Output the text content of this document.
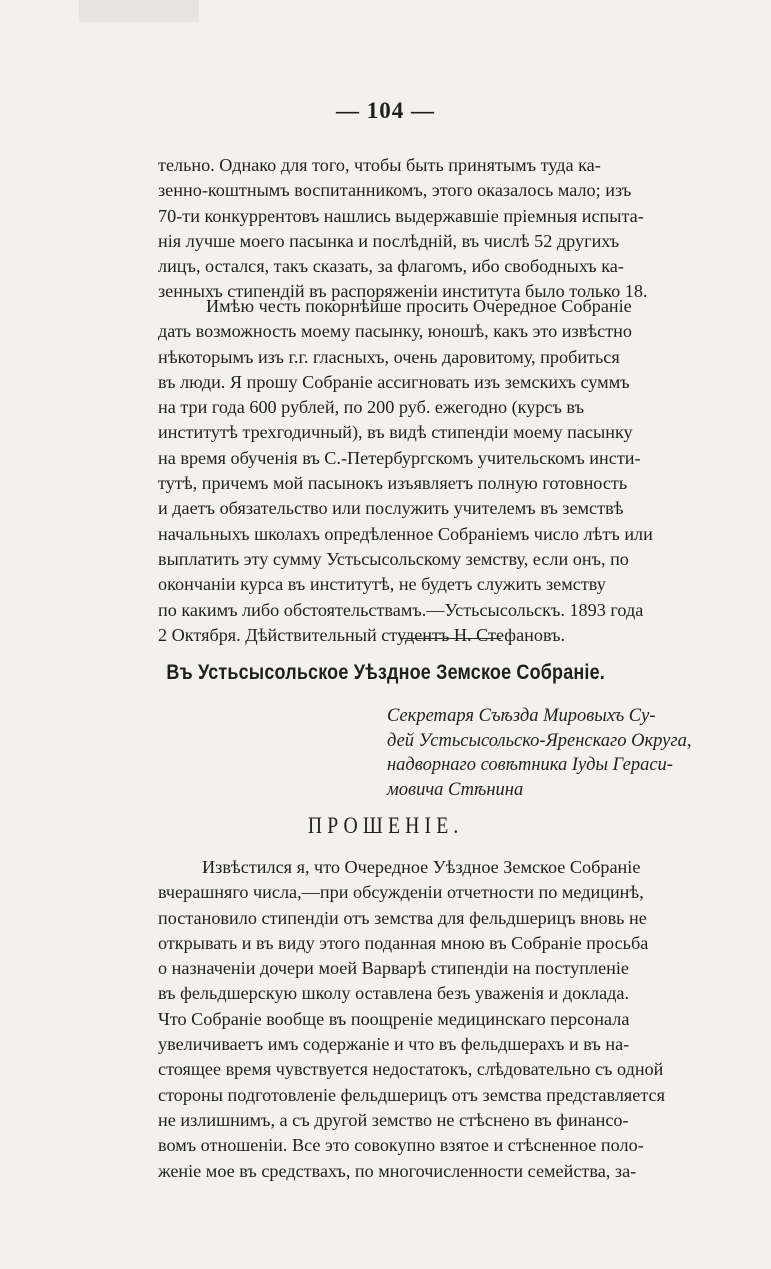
— 104 —
тельно. Однако для того, чтобы быть принятымъ туда ка-
зенно-коштнымъ воспитанникомъ, этого оказалось мало; изъ
70-ти конкуррентовъ нашлись выдержавшіе пріемныя испыта-
нія лучше моего пасынка и послѣдній, въ числѣ 52 другихъ
лицъ, остался, такъ сказать, за флагомъ, ибо свободныхъ ка-
зенныхъ стипендій въ распоряженіи института было только 18.
Имѣю честь покорнѣйше просить Очередное Собраніе
дать возможность моему пасынку, юношѣ, какъ это извѣстно
нѣкоторымъ изъ г.г. гласныхъ, очень даровитому, пробиться
въ люди. Я прошу Собраніе ассигновать изъ земскихъ суммъ
на три года 600 рублей, по 200 руб. ежегодно (курсъ въ
институтѣ трехгодичный), въ видѣ стипендіи моему пасынку
на время обученія въ С.-Петербургскомъ учительскомъ инсти-
тутѣ, причемъ мой пасынокъ изъявляетъ полную готовность
и даетъ обязательство или послужить учителемъ въ земствѣ
начальныхъ школахъ опредѣленное Собраніемъ число лѣтъ или
выплатить эту сумму Устьсысольскому земству, если онъ, по
окончаніи курса въ институтѣ, не будетъ служить земству
по какимъ либо обстоятельствамъ.—Устьсысольскъ. 1893 года
2 Октября. Дѣйствительный студентъ Н. Стефановъ.
Въ Устьсысольское Уѣздное Земское Собраніе.
Секретаря Съѣзда Мировыхъ Су-
дей Устьсысольско-Яренскаго Округа,
надворнаго совѣтника Іуды Гераси-
мовича Стѣнина
ПРОШЕНІЕ.
Извѣстился я, что Очередное Уѣздное Земское Собраніе
вчерашняго числа,—при обсужденіи отчетности по медицинѣ,
постановило стипендіи отъ земства для фельдшерицъ вновь не
открывать и въ виду этого поданная мною въ Собраніе просьба
о назначеніи дочери моей Варварѣ стипендіи на поступленіе
въ фельдшерскую школу оставлена безъ уваженія и доклада.
Что Собраніе вообще въ поощреніе медицинскаго персонала
увеличиваетъ имъ содержаніе и что въ фельдшерахъ и въ на-
стоящее время чувствуется недостатокъ, слѣдовательно съ одной
стороны подготовленіе фельдшерицъ отъ земства представляется
не излишнимъ, а съ другой земство не стѣснено въ финансо-
вомъ отношеніи. Все это совокупно взятое и стѣсненное поло-
женіе мое въ средствахъ, по многочисленности семейства, за-
